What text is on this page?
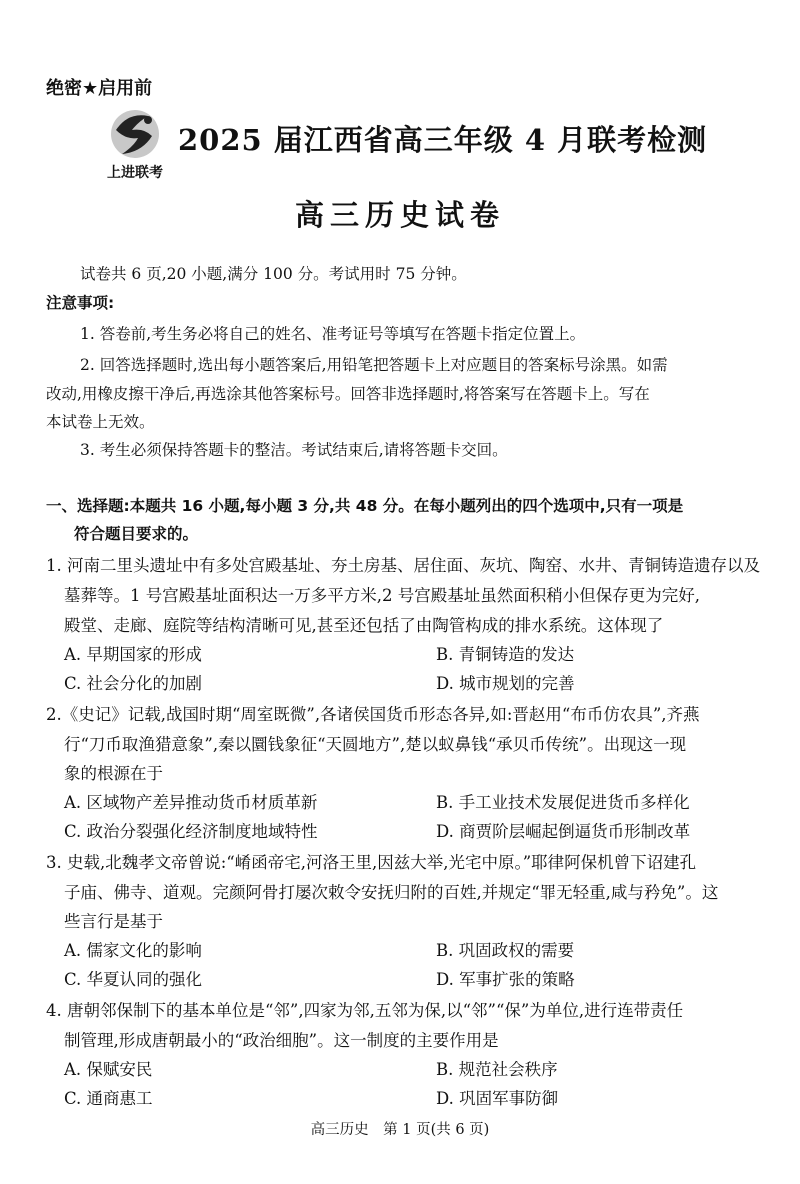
绝密★启用前
上进联考
2025 届江西省高三年级 4 月联考检测
高三历史试卷
试卷共 6 页,20 小题,满分 100 分。考试用时 75 分钟。
注意事项:
1. 答卷前,考生务必将自己的姓名、准考证号等填写在答题卡指定位置上。
2. 回答选择题时,选出每小题答案后,用铅笔把答题卡上对应题目的答案标号涂黑。如需
改动,用橡皮擦干净后,再选涂其他答案标号。回答非选择题时,将答案写在答题卡上。写在
本试卷上无效。
3. 考生必须保持答题卡的整洁。考试结束后,请将答题卡交回。
一、选择题:本题共 16 小题,每小题 3 分,共 48 分。在每小题列出的四个选项中,只有一项是
符合题目要求的。
1. 河南二里头遗址中有多处宫殿基址、夯土房基、居住面、灰坑、陶窑、水井、青铜铸造遗存以及
墓葬等。1 号宫殿基址面积达一万多平方米,2 号宫殿基址虽然面积稍小但保存更为完好,
殿堂、走廊、庭院等结构清晰可见,甚至还包括了由陶管构成的排水系统。这体现了
A. 早期国家的形成	B. 青铜铸造的发达
C. 社会分化的加剧	D. 城市规划的完善
2.《史记》记载,战国时期“周室既微”,各诸侯国货币形态各异,如:晋赵用“布币仿农具”,齐燕
行“刀币取渔猎意象”,秦以圜钱象征“天圆地方”,楚以蚁鼻钱“承贝币传统”。出现这一现
象的根源在于
A. 区域物产差异推动货币材质革新	B. 手工业技术发展促进货币多样化
C. 政治分裂强化经济制度地域特性	D. 商贾阶层崛起倒逼货币形制改革
3. 史载,北魏孝文帝曾说:“崤函帝宅,河洛王里,因兹大举,光宅中原。”耶律阿保机曾下诏建孔
子庙、佛寺、道观。完颜阿骨打屡次敕令安抚归附的百姓,并规定“罪无轻重,咸与矜免”。这
些言行是基于
A. 儒家文化的影响	B. 巩固政权的需要
C. 华夏认同的强化	D. 军事扩张的策略
4. 唐朝邻保制下的基本单位是“邻”,四家为邻,五邻为保,以“邻”“保”为单位,进行连带责任
制管理,形成唐朝最小的“政治细胞”。这一制度的主要作用是
A. 保赋安民	B. 规范社会秩序
C. 通商惠工	D. 巩固军事防御
高三历史　第 1 页(共 6 页)
